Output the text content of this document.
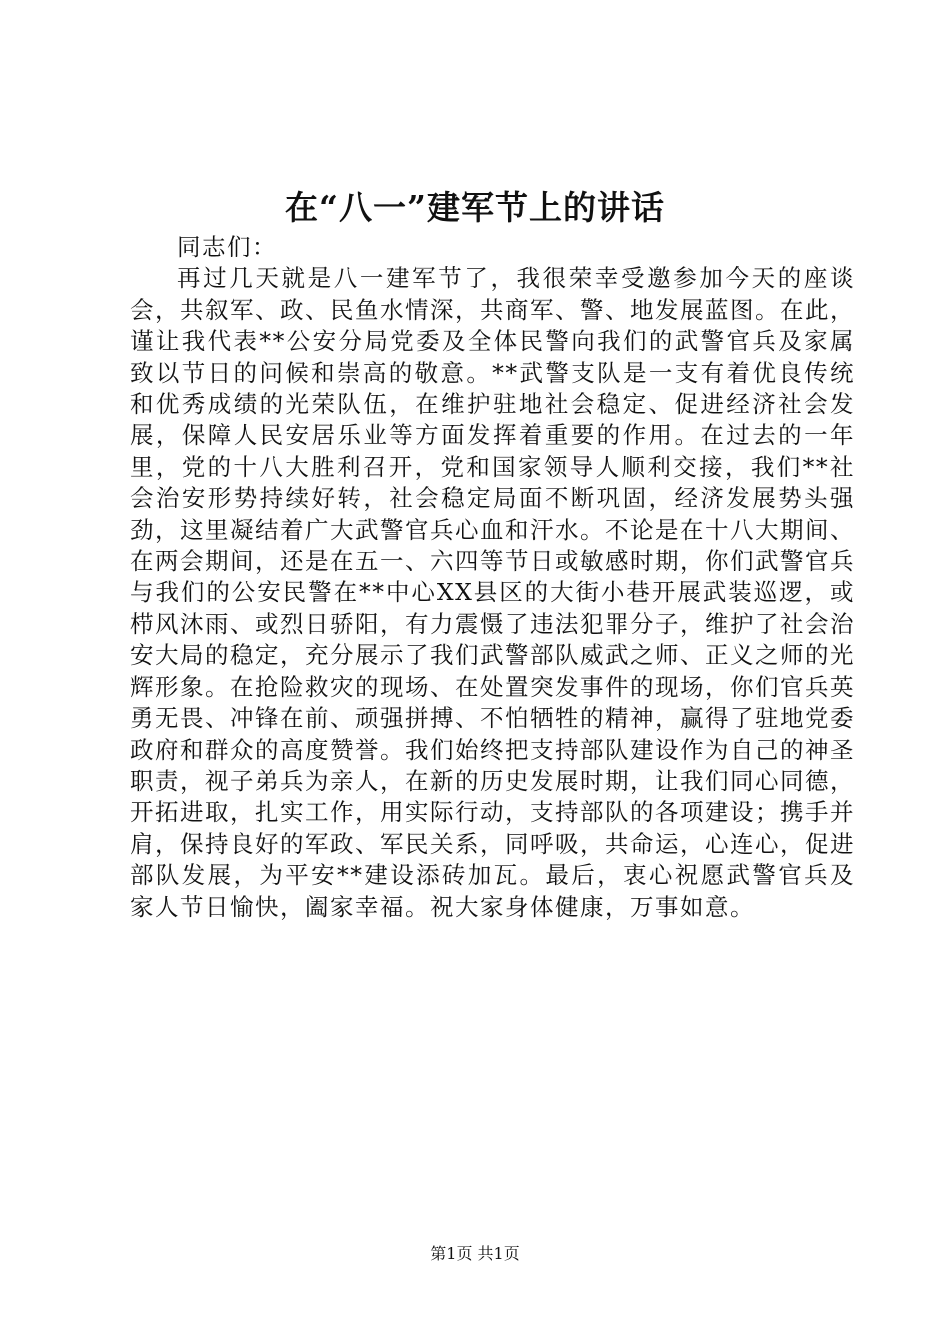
在“八一”建军节上的讲话

同志们：

再过几天就是八一建军节了，我很荣幸受邀参加今天的座谈会，共叙军、政、民鱼水情深，共商军、警、地发展蓝图。在此，谨让我代表**公安分局党委及全体民警向我们的武警官兵及家属致以节日的问候和崇高的敬意。**武警支队是一支有着优良传统和优秀成绩的光荣队伍，在维护驻地社会稳定、促进经济社会发展，保障人民安居乐业等方面发挥着重要的作用。在过去的一年里，党的十八大胜利召开，党和国家领导人顺利交接，我们**社会治安形势持续好转，社会稳定局面不断巩固，经济发展势头强劲，这里凝结着广大武警官兵心血和汗水。不论是在十八大期间、在两会期间，还是在五一、六四等节日或敏感时期，你们武警官兵与我们的公安民警在**中心XX县区的大街小巷开展武装巡逻，或栉风沐雨、或烈日骄阳，有力震慑了违法犯罪分子，维护了社会治安大局的稳定，充分展示了我们武警部队威武之师、正义之师的光辉形象。在抢险救灾的现场、在处置突发事件的现场，你们官兵英勇无畏、冲锋在前、顽强拼搏、不怕牺牲的精神，赢得了驻地党委政府和群众的高度赞誉。我们始终把支持部队建设作为自己的神圣职责，视子弟兵为亲人，在新的历史发展时期，让我们同心同德，开拓进取，扎实工作，用实际行动，支持部队的各项建设；携手并肩，保持良好的军政、军民关系，同呼吸，共命运，心连心，促进部队发展，为平安**建设添砖加瓦。最后，衷心祝愿武警官兵及家人节日愉快，阖家幸福。祝大家身体健康，万事如意。

第1页 共1页
